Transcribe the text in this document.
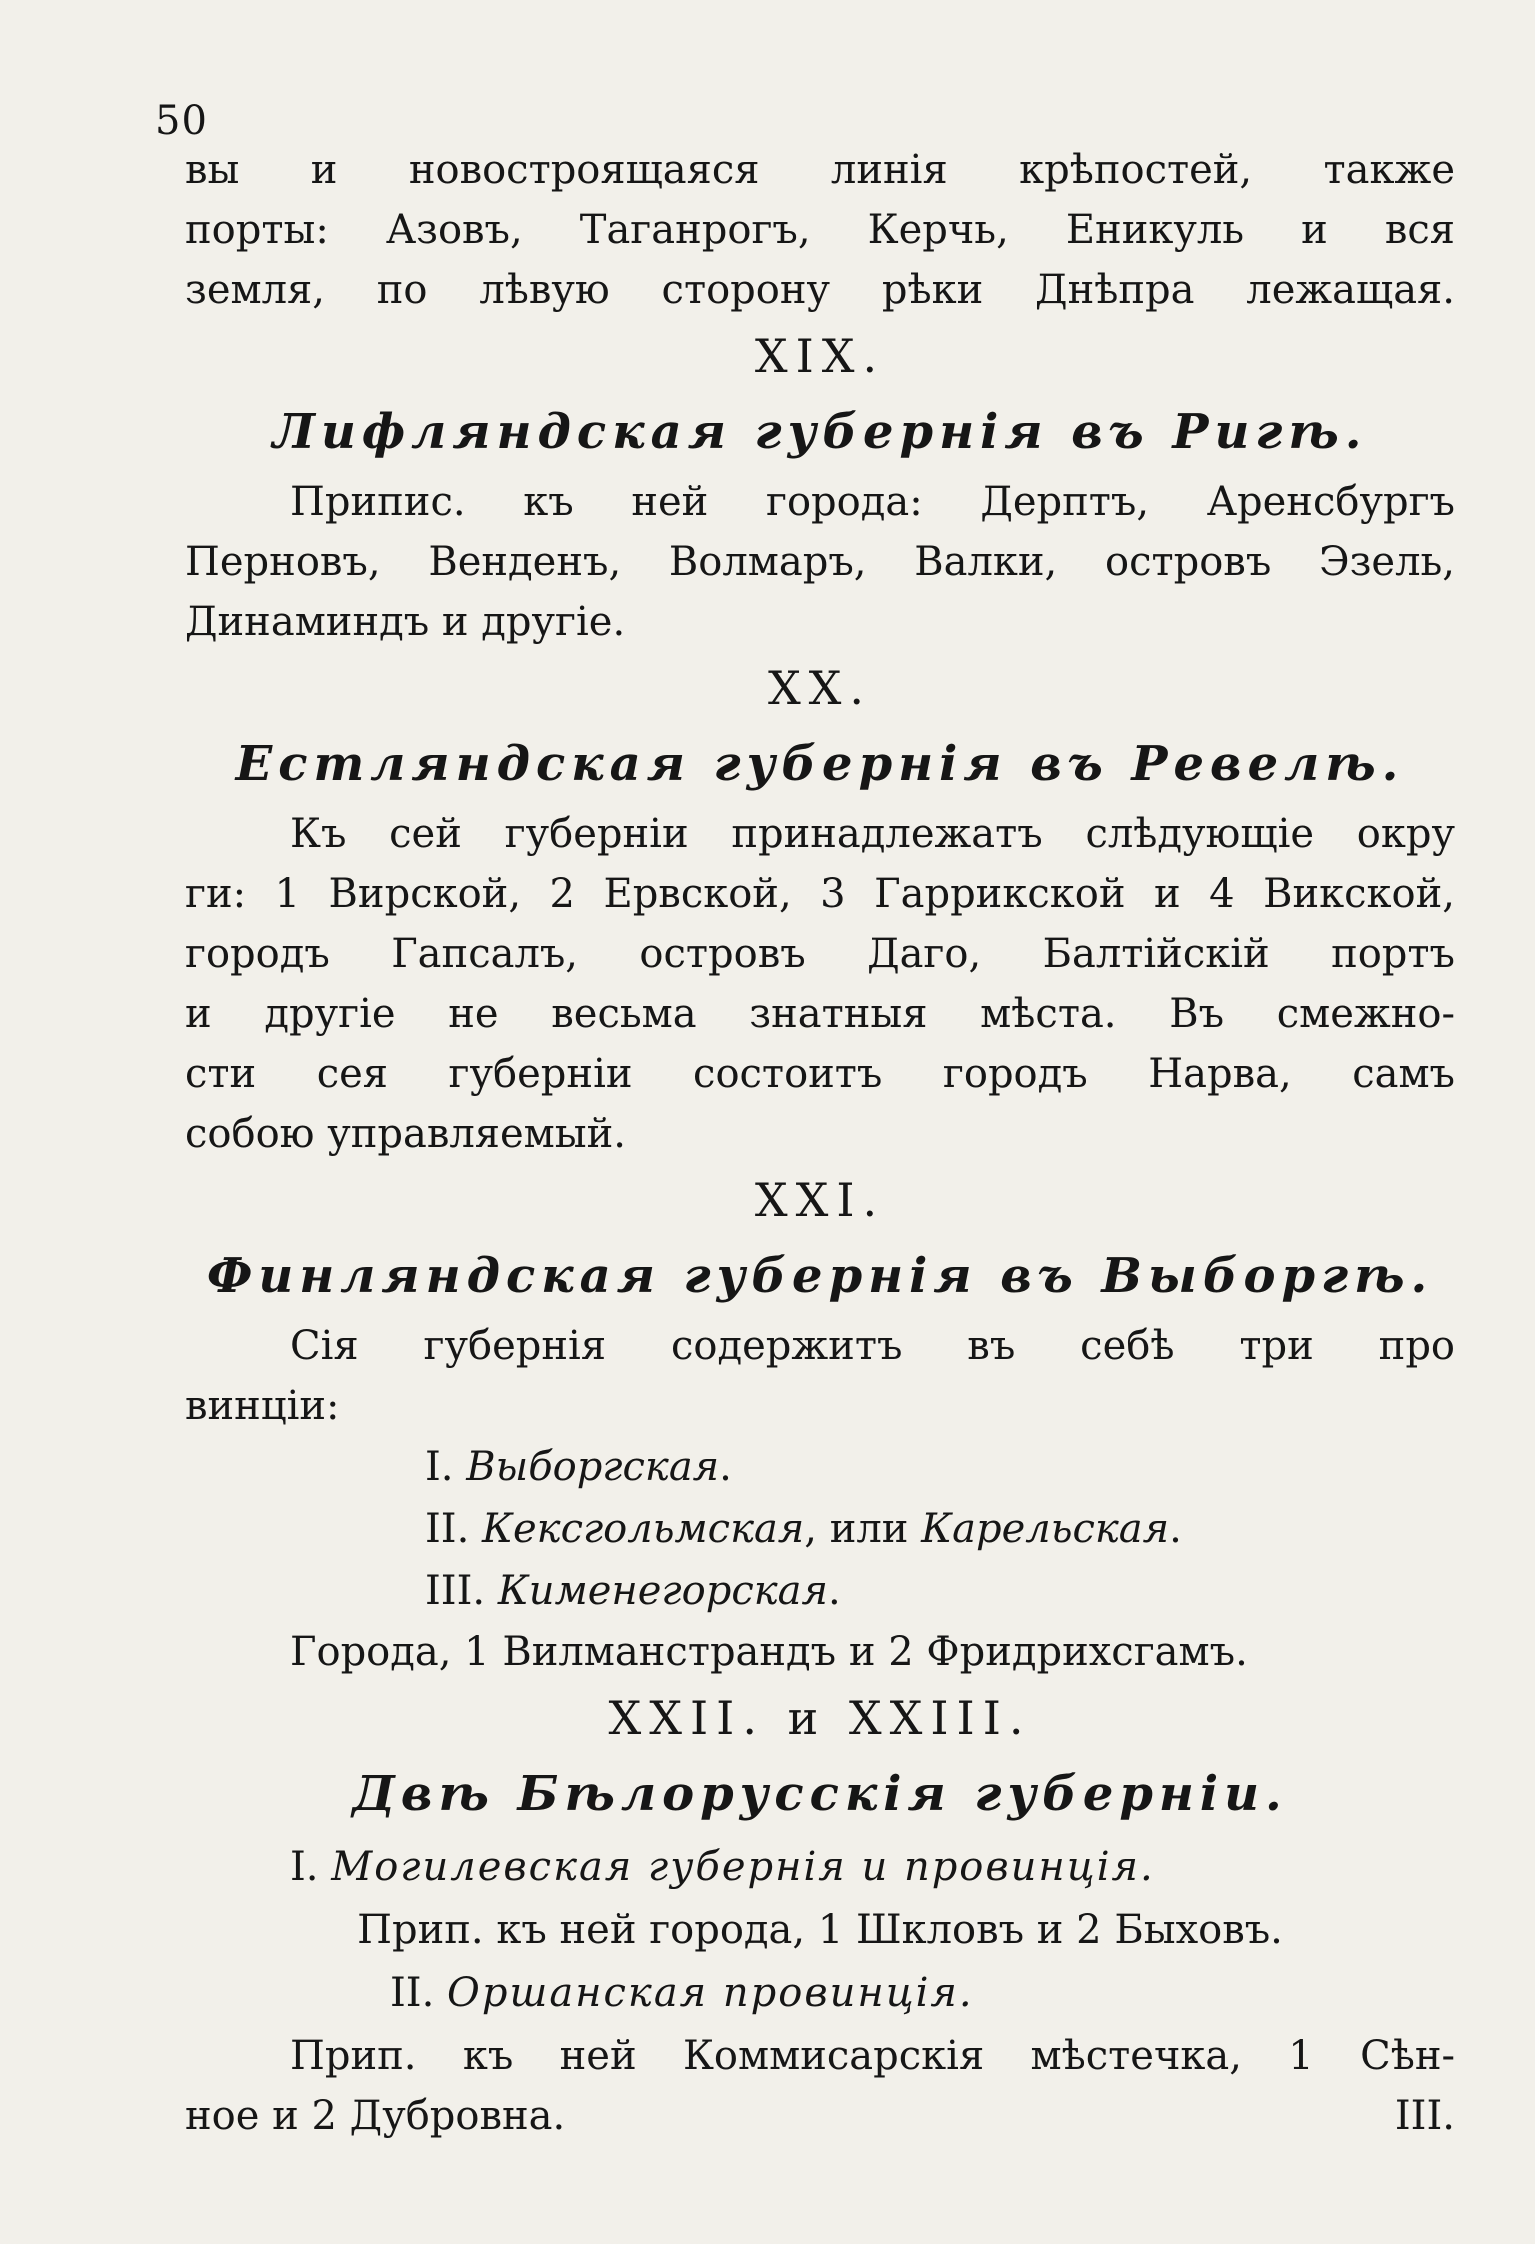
50
вы и новостроящаяся линія крѣпостей, также
порты: Азовъ, Таганрогъ, Керчь, Еникуль и вся
земля, по лѣвую сторону рѣки Днѣпра лежащая.
XIX.
Лифляндская губернія въ Ригѣ.
Припис. къ ней города: Дерптъ, Аренсбургъ
Перновъ, Венденъ, Волмаръ, Валки, островъ Эзель,
Динаминдъ и другіе.
XX.
Естляндская губернія въ Ревелѣ.
Къ сей губерніи принадлежатъ слѣдующіе окру
ги: 1 Вирской, 2 Ервской, 3 Гаррикской и 4 Викской,
городъ Гапсалъ, островъ Даго, Балтійскій портъ
и другіе не весьма знатныя мѣста. Въ смежно-
сти сея губерніи состоитъ городъ Нарва, самъ
собою управляемый.
XXI.
Финляндская губернія въ Выборгѣ.
Сія губернія содержитъ въ себѣ три про
винціи:
I. Выборгская.
II. Кексгольмская, или Карельская.
III. Кименегорская.
Города, 1 Вилманстрандъ и 2 Фридрихсгамъ.
XXII. и XXIII.
Двѣ Бѣлорусскія губерніи.
I. Могилевская губернія и провинція.
Прип. къ ней города, 1 Шкловъ и 2 Быховъ.
II. Оршанская провинція.
Прип. къ ней Коммисарскія мѣстечка, 1 Сѣн-
ное и 2 Дубровна.	III.
